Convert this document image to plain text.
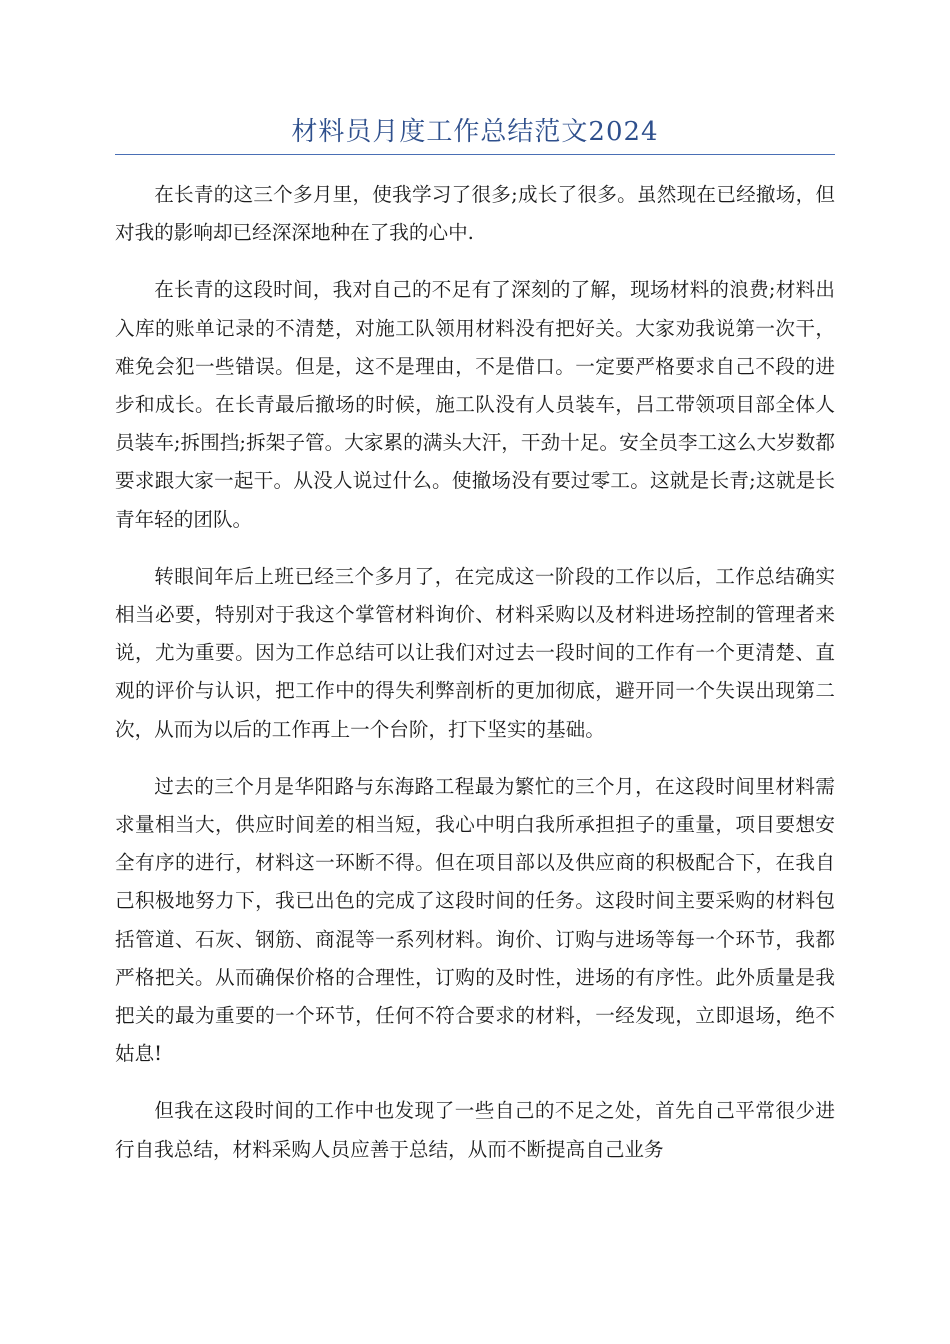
材料员月度工作总结范文2024

在长青的这三个多月里，使我学习了很多;成长了很多。虽然现在已经撤场，但对我的影响却已经深深地种在了我的心中.

在长青的这段时间，我对自己的不足有了深刻的了解，现场材料的浪费;材料出入库的账单记录的不清楚，对施工队领用材料没有把好关。大家劝我说第一次干，难免会犯一些错误。但是，这不是理由，不是借口。一定要严格要求自己不段的进步和成长。在长青最后撤场的时候，施工队没有人员装车，吕工带领项目部全体人员装车;拆围挡;拆架子管。大家累的满头大汗，干劲十足。安全员李工这么大岁数都要求跟大家一起干。从没人说过什么。使撤场没有要过零工。这就是长青;这就是长青年轻的团队。

转眼间年后上班已经三个多月了，在完成这一阶段的工作以后，工作总结确实相当必要，特别对于我这个掌管材料询价、材料采购以及材料进场控制的管理者来说，尤为重要。因为工作总结可以让我们对过去一段时间的工作有一个更清楚、直观的评价与认识，把工作中的得失利弊剖析的更加彻底，避开同一个失误出现第二次，从而为以后的工作再上一个台阶，打下坚实的基础。

过去的三个月是华阳路与东海路工程最为繁忙的三个月，在这段时间里材料需求量相当大，供应时间差的相当短，我心中明白我所承担担子的重量，项目要想安全有序的进行，材料这一环断不得。但在项目部以及供应商的积极配合下，在我自己积极地努力下，我已出色的完成了这段时间的任务。这段时间主要采购的材料包括管道、石灰、钢筋、商混等一系列材料。询价、订购与进场等每一个环节，我都严格把关。从而确保价格的合理性，订购的及时性，进场的有序性。此外质量是我把关的最为重要的一个环节，任何不符合要求的材料，一经发现，立即退场，绝不姑息!

但我在这段时间的工作中也发现了一些自己的不足之处，首先自己平常很少进行自我总结，材料采购人员应善于总结，从而不断提高自己业务
